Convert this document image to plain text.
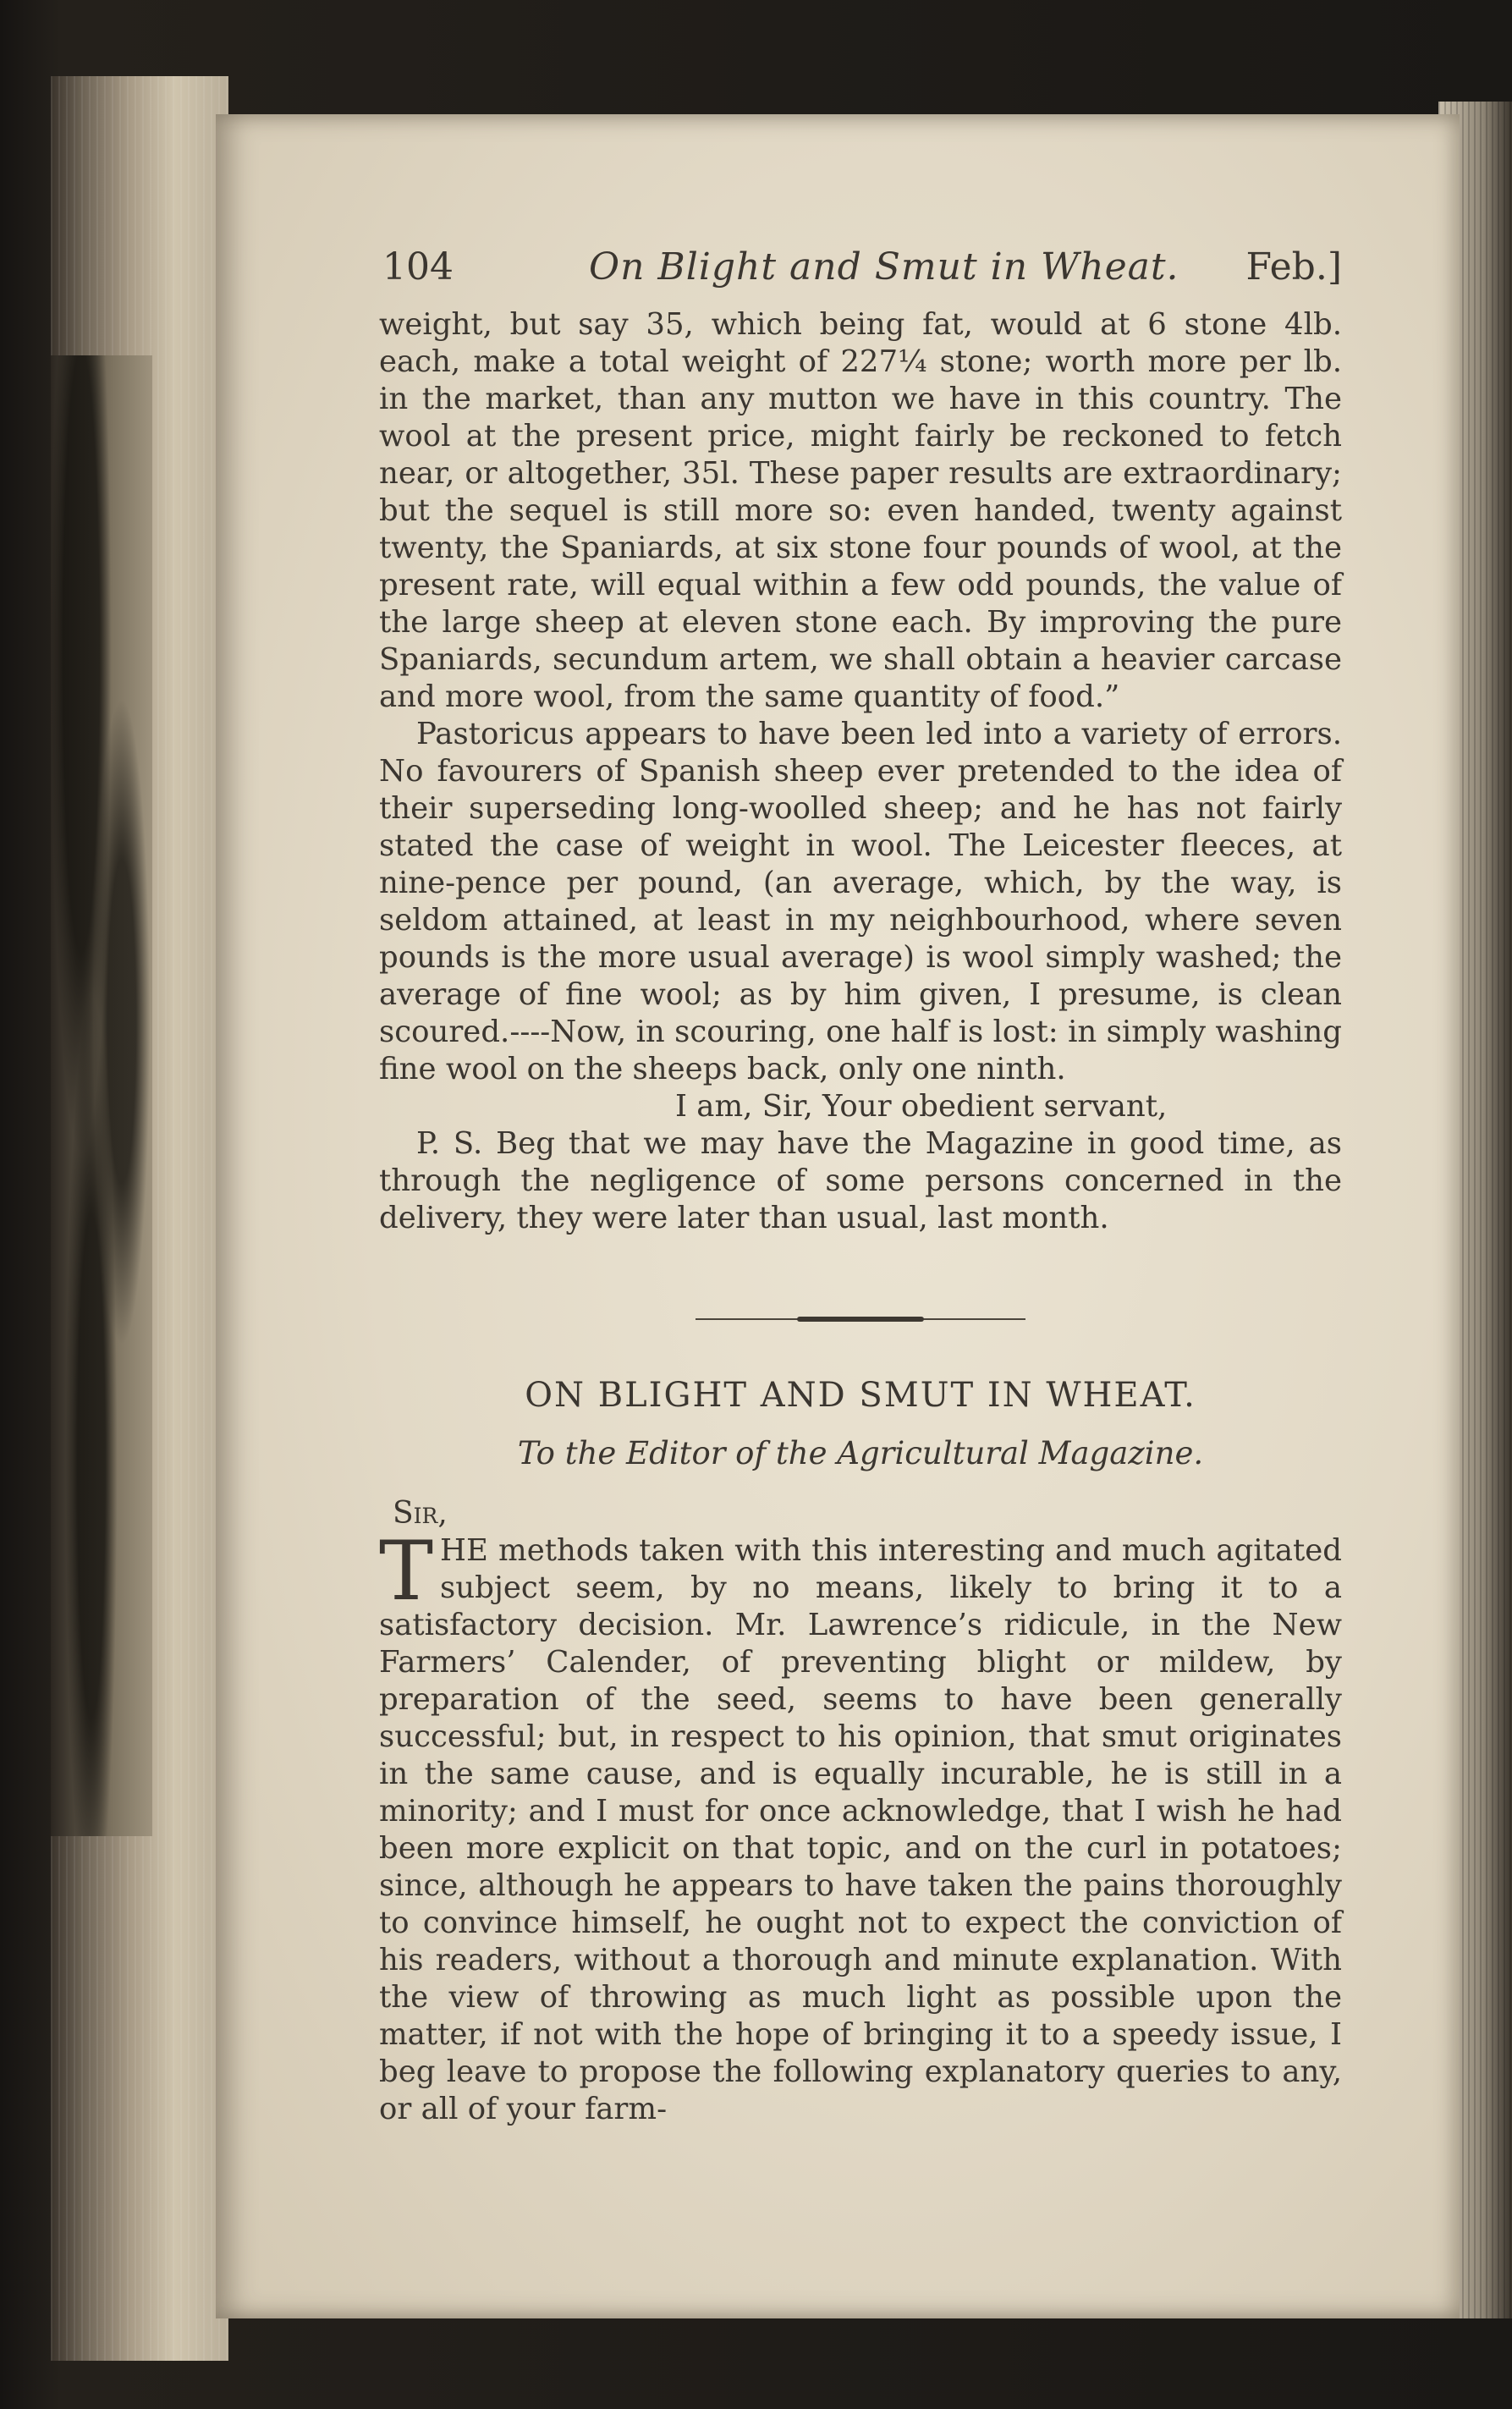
104	On Blight and Smut in Wheat. Feb.]

weight, but say 35, which being fat, would at 6 stone 4lb. each, make a total weight of 227¼ stone; worth more per lb. in the market, than any mutton we have in this country. The wool at the present price, might fairly be reckoned to fetch near, or altogether, 35l. These paper results are extraordinary; but the sequel is still more so: even handed, twenty against twenty, the Spaniards, at six stone four pounds of wool, at the present rate, will equal within a few odd pounds, the value of the large sheep at eleven stone each. By improving the pure Spaniards, secundum artem, we shall obtain a heavier carcase and more wool, from the same quantity of food.”

Pastoricus appears to have been led into a variety of errors. No favourers of Spanish sheep ever pretended to the idea of their superseding long-woolled sheep; and he has not fairly stated the case of weight in wool. The Leicester fleeces, at nine-pence per pound, (an average, which, by the way, is seldom attained, at least in my neighbourhood, where seven pounds is the more usual average) is wool simply washed; the average of fine wool; as by him given, I presume, is clean scoured.----Now, in scouring, one half is lost: in simply washing fine wool on the sheeps back, only one ninth.

I am, Sir, Your obedient servant,

P. S. Beg that we may have the Magazine in good time, as through the negligence of some persons concerned in the delivery, they were later than usual, last month.

ON BLIGHT AND SMUT IN WHEAT.
To the Editor of the Agricultural Magazine.
Sir,

THE methods taken with this interesting and much agitated subject seem, by no means, likely to bring it to a satisfactory decision. Mr. Lawrence’s ridicule, in the New Farmers’ Calender, of preventing blight or mildew, by preparation of the seed, seems to have been generally successful; but, in respect to his opinion, that smut originates in the same cause, and is equally incurable, he is still in a minority; and I must for once acknowledge, that I wish he had been more explicit on that topic, and on the curl in potatoes; since, although he appears to have taken the pains thoroughly to convince himself, he ought not to expect the conviction of his readers, without a thorough and minute explanation. With the view of throwing as much light as possible upon the matter, if not with the hope of bringing it to a speedy issue, I beg leave to propose the following explanatory queries to any, or all of your farm-
